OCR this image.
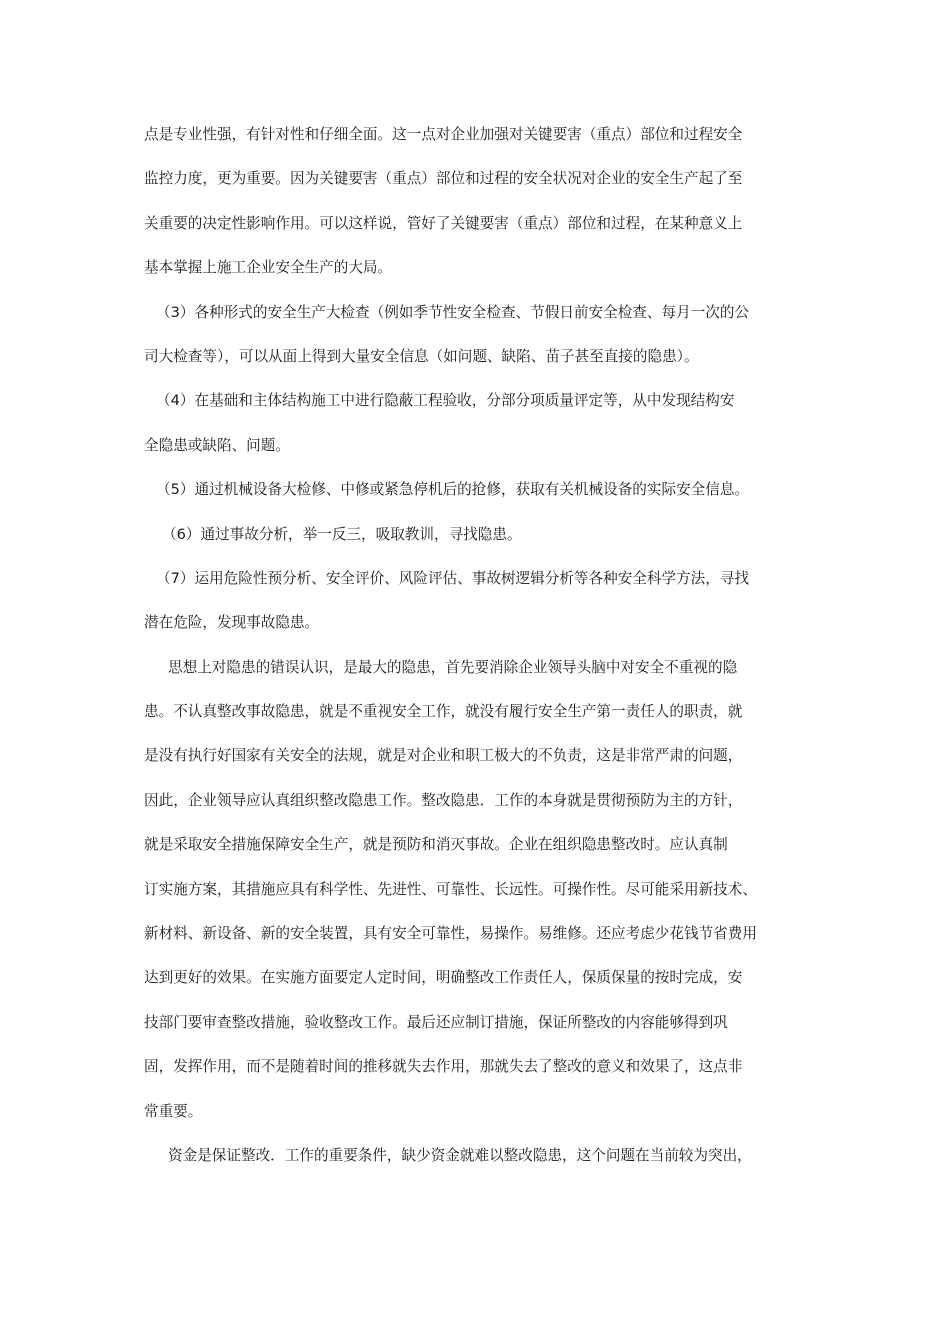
点是专业性强，有针对性和仔细全面。这一点对企业加强对关键要害（重点）部位和过程安全
监控力度，更为重要。因为关键要害（重点）部位和过程的安全状况对企业的安全生产起了至
关重要的决定性影响作用。可以这样说，管好了关键要害（重点）部位和过程，在某种意义上
基本掌握上施工企业安全生产的大局。
（3）各种形式的安全生产大检查（例如季节性安全检查、节假日前安全检查、每月一次的公
司大检查等），可以从面上得到大量安全信息（如问题、缺陷、苗子甚至直接的隐患）。
（4）在基础和主体结构施工中进行隐蔽工程验收，分部分项质量评定等，从中发现结构安
全隐患或缺陷、问题。
（5）通过机械设备大检修、中修或紧急停机后的抢修，获取有关机械设备的实际安全信息。
（6）通过事故分析，举一反三，吸取教训，寻找隐患。
（7）运用危险性预分析、安全评价、风险评估、事故树逻辑分析等各种安全科学方法，寻找
潜在危险，发现事故隐患。
思想上对隐患的错误认识，是最大的隐患，首先要消除企业领导头脑中对安全不重视的隐
患。不认真整改事故隐患，就是不重视安全工作，就没有履行安全生产第一责任人的职责，就
是没有执行好国家有关安全的法规，就是对企业和职工极大的不负责，这是非常严肃的问题，
因此，企业领导应认真组织整改隐患工作。整改隐患．工作的本身就是贯彻预防为主的方针，
就是采取安全措施保障安全生产，就是预防和消灭事故。企业在组织隐患整改时。应认真制
订实施方案，其措施应具有科学性、先进性、可靠性、长远性。可操作性。尽可能采用新技术、
新材料、新设备、新的安全装置，具有安全可靠性，易操作。易维修。还应考虑少花钱节省费用
达到更好的效果。在实施方面要定人定时间，明确整改工作责任人，保质保量的按时完成，安
技部门要审查整改措施，验收整改工作。最后还应制订措施，保证所整改的内容能够得到巩
固，发挥作用，而不是随着时间的推移就失去作用，那就失去了整改的意义和效果了，这点非
常重要。
资金是保证整改．工作的重要条件，缺少资金就难以整改隐患，这个问题在当前较为突出，
